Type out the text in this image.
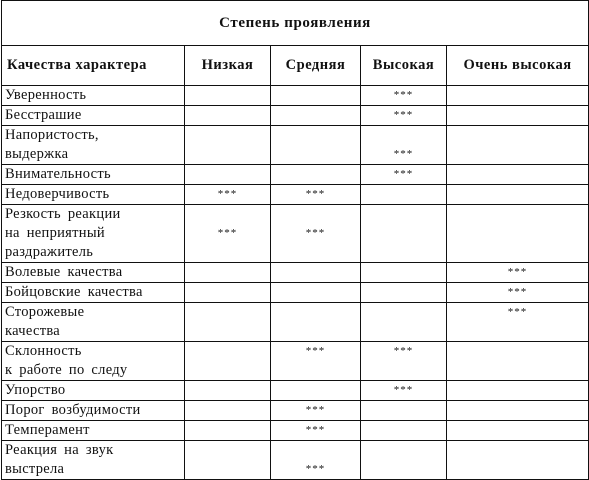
Степень проявления				
Качества характера	Низкая	Средняя	Высокая	Очень высокая
Уверенность			***	
Бесстрашие			***	
Напористость,
выдержка			***	
Внимательность			***	
Недоверчивость	***	***		
Резкость реакции
на неприятный
раздражитель	***	***		
Волевые качества				***
Бойцовские качества				***
Сторожевые
качества				***
Склонность
к работе по следу		***	***	
Упорство			***	
Порог возбудимости		***		
Темперамент		***		
Реакция на звук
выстрела		***		
